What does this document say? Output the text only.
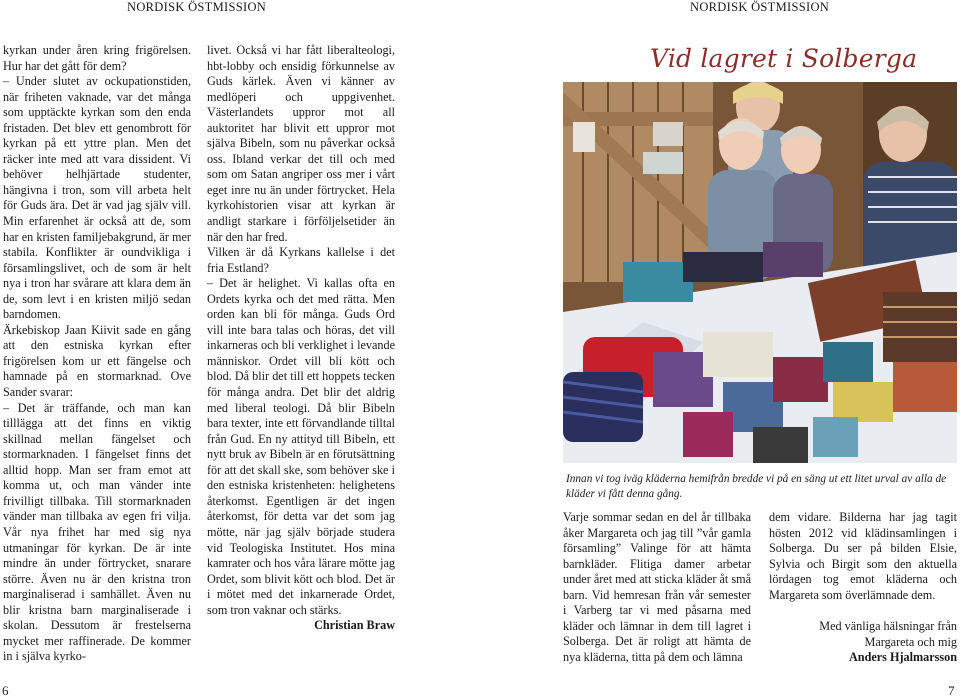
NORDISK ÖSTMISSION	NORDISK ÖSTMISSION

kyrkan under åren kring frigörelsen. Hur har det gått för dem?

– Under slutet av ockupationstiden, när friheten vaknade, var det många som upptäckte kyrkan som den enda fristaden. Det blev ett genombrott för kyrkan på ett yttre plan. Men det räcker inte med att vara dissident. Vi behöver helhjärtade studenter, hängivna i tron, som vill arbeta helt för Guds ära. Det är vad jag själv vill. Min erfarenhet är också att de, som har en kristen familjebakgrund, är mer stabila. Konflikter är oundvikliga i församlingslivet, och de som är helt nya i tron har svårare att klara dem än de, som levt i en kristen miljö sedan barndomen.

Ärkebiskop Jaan Kiivit sade en gång att den estniska kyrkan efter frigörelsen kom ur ett fängelse och hamnade på en stormarknad. Ove Sander svarar:

– Det är träffande, och man kan tilllägga att det finns en viktig skillnad mellan fängelset och stormarknaden. I fängelset finns det alltid hopp. Man ser fram emot att komma ut, och man vänder inte frivilligt tillbaka. Till stormarknaden vänder man tillbaka av egen fri vilja. Vår nya frihet har med sig nya utmaningar för kyrkan. De är inte mindre än under förtrycket, snarare större. Även nu är den kristna tron marginaliserad i samhället. Även nu blir kristna barn marginaliserade i skolan. Dessutom är frestelserna mycket mer raffinerade. De kommer in i själva kyrko-

livet. Också vi har fått liberalteologi, hbt-lobby och ensidig förkunnelse av Guds kärlek. Även vi känner av medlöperi och uppgivenhet. Västerlandets uppror mot all auktoritet har blivit ett uppror mot själva Bibeln, som nu påverkar också oss. Ibland verkar det till och med som om Satan angriper oss mer i vårt eget inre nu än under förtrycket. Hela kyrkohistorien visar att kyrkan är andligt starkare i förföljelsetider än när den har fred.

Vilken är då Kyrkans kallelse i det fria Estland?

– Det är helighet. Vi kallas ofta en Ordets kyrka och det med rätta. Men orden kan bli för många. Guds Ord vill inte bara talas och höras, det vill inkarneras och bli verklighet i levande människor. Ordet vill bli kött och blod. Då blir det till ett hoppets tecken för många andra. Det blir det aldrig med liberal teologi. Då blir Bibeln bara texter, inte ett förvandlande tilltal från Gud. En ny attityd till Bibeln, ett nytt bruk av Bibeln är en förutsättning för att det skall ske, som behöver ske i den estniska kristenheten: helighetens återkomst. Egentligen är det ingen återkomst, för detta var det som jag mötte, när jag själv började studera vid Teologiska Institutet. Hos mina kamrater och hos våra lärare mötte jag Ordet, som blivit kött och blod. Det är i mötet med det inkarnerade Ordet, som tron vaknar och stärks.

Christian Braw

Vid lagret i Solberga
Innan vi tog iväg kläderna hemifrån bredde vi på en säng ut ett litet urval av alla de kläder vi fått denna gång.

Varje sommar sedan en del år tillbaka åker Margareta och jag till ”vår gamla församling” Valinge för att hämta barnkläder. Flitiga damer arbetar under året med att sticka kläder åt små barn. Vid hemresan från vår semester i Varberg tar vi med påsarna med kläder och lämnar in dem till lagret i Solberga. Det är roligt att hämta de nya kläderna, titta på dem och lämna

dem vidare. Bilderna har jag tagit hösten 2012 vid klädinsamlingen i Solberga. Du ser på bilden Elsie, Sylvia och Birgit som den aktuella lördagen tog emot kläderna och Margareta som överlämnade dem.

Med vänliga hälsningar från

Margareta och mig

Anders Hjalmarsson

6	7
